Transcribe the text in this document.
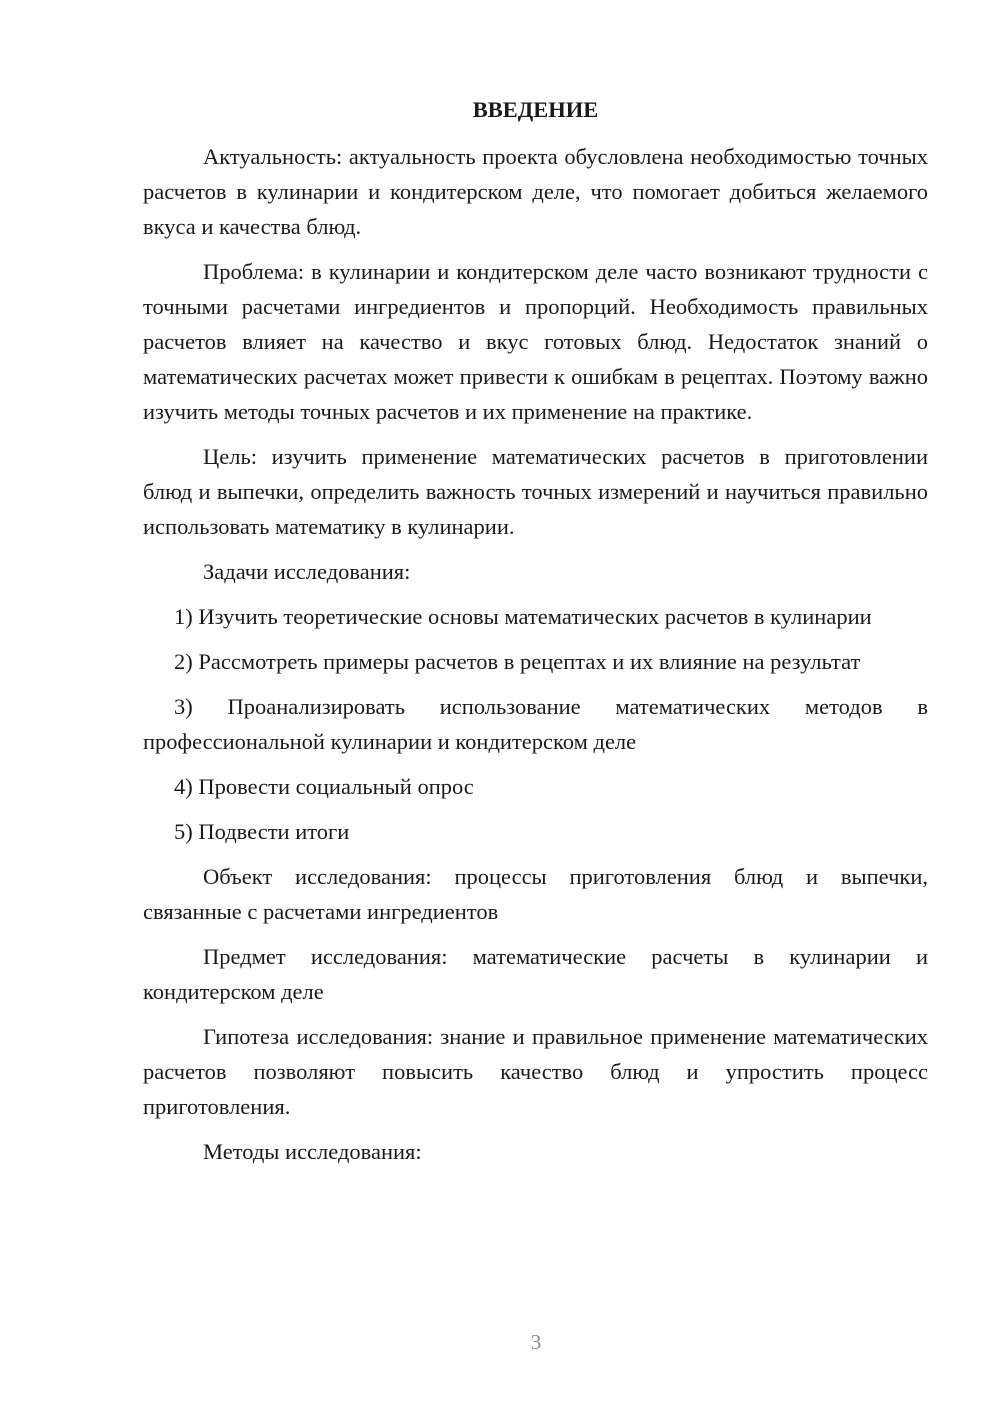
ВВЕДЕНИЕ

Актуальность: актуальность проекта обусловлена необходимостью точных расчетов в кулинарии и кондитерском деле, что помогает добиться желаемого вкуса и качества блюд.

Проблема: в кулинарии и кондитерском деле часто возникают трудности с точными расчетами ингредиентов и пропорций. Необходимость правильных расчетов влияет на качество и вкус готовых блюд. Недостаток знаний о математических расчетах может привести к ошибкам в рецептах. Поэтому важно изучить методы точных расчетов и их применение на практике.

Цель: изучить применение математических расчетов в приготовлении блюд и выпечки, определить важность точных измерений и научиться правильно использовать математику в кулинарии.

Задачи исследования:

1) Изучить теоретические основы математических расчетов в кулинарии

2) Рассмотреть примеры расчетов в рецептах и их влияние на результат

3) Проанализировать использование математических методов в профессиональной кулинарии и кондитерском деле

4) Провести социальный опрос

5) Подвести итоги

Объект исследования: процессы приготовления блюд и выпечки, связанные с расчетами ингредиентов

Предмет исследования: математические расчеты в кулинарии и кондитерском деле

Гипотеза исследования: знание и правильное применение математических расчетов позволяют повысить качество блюд и упростить процесс приготовления.

Методы исследования:

3
